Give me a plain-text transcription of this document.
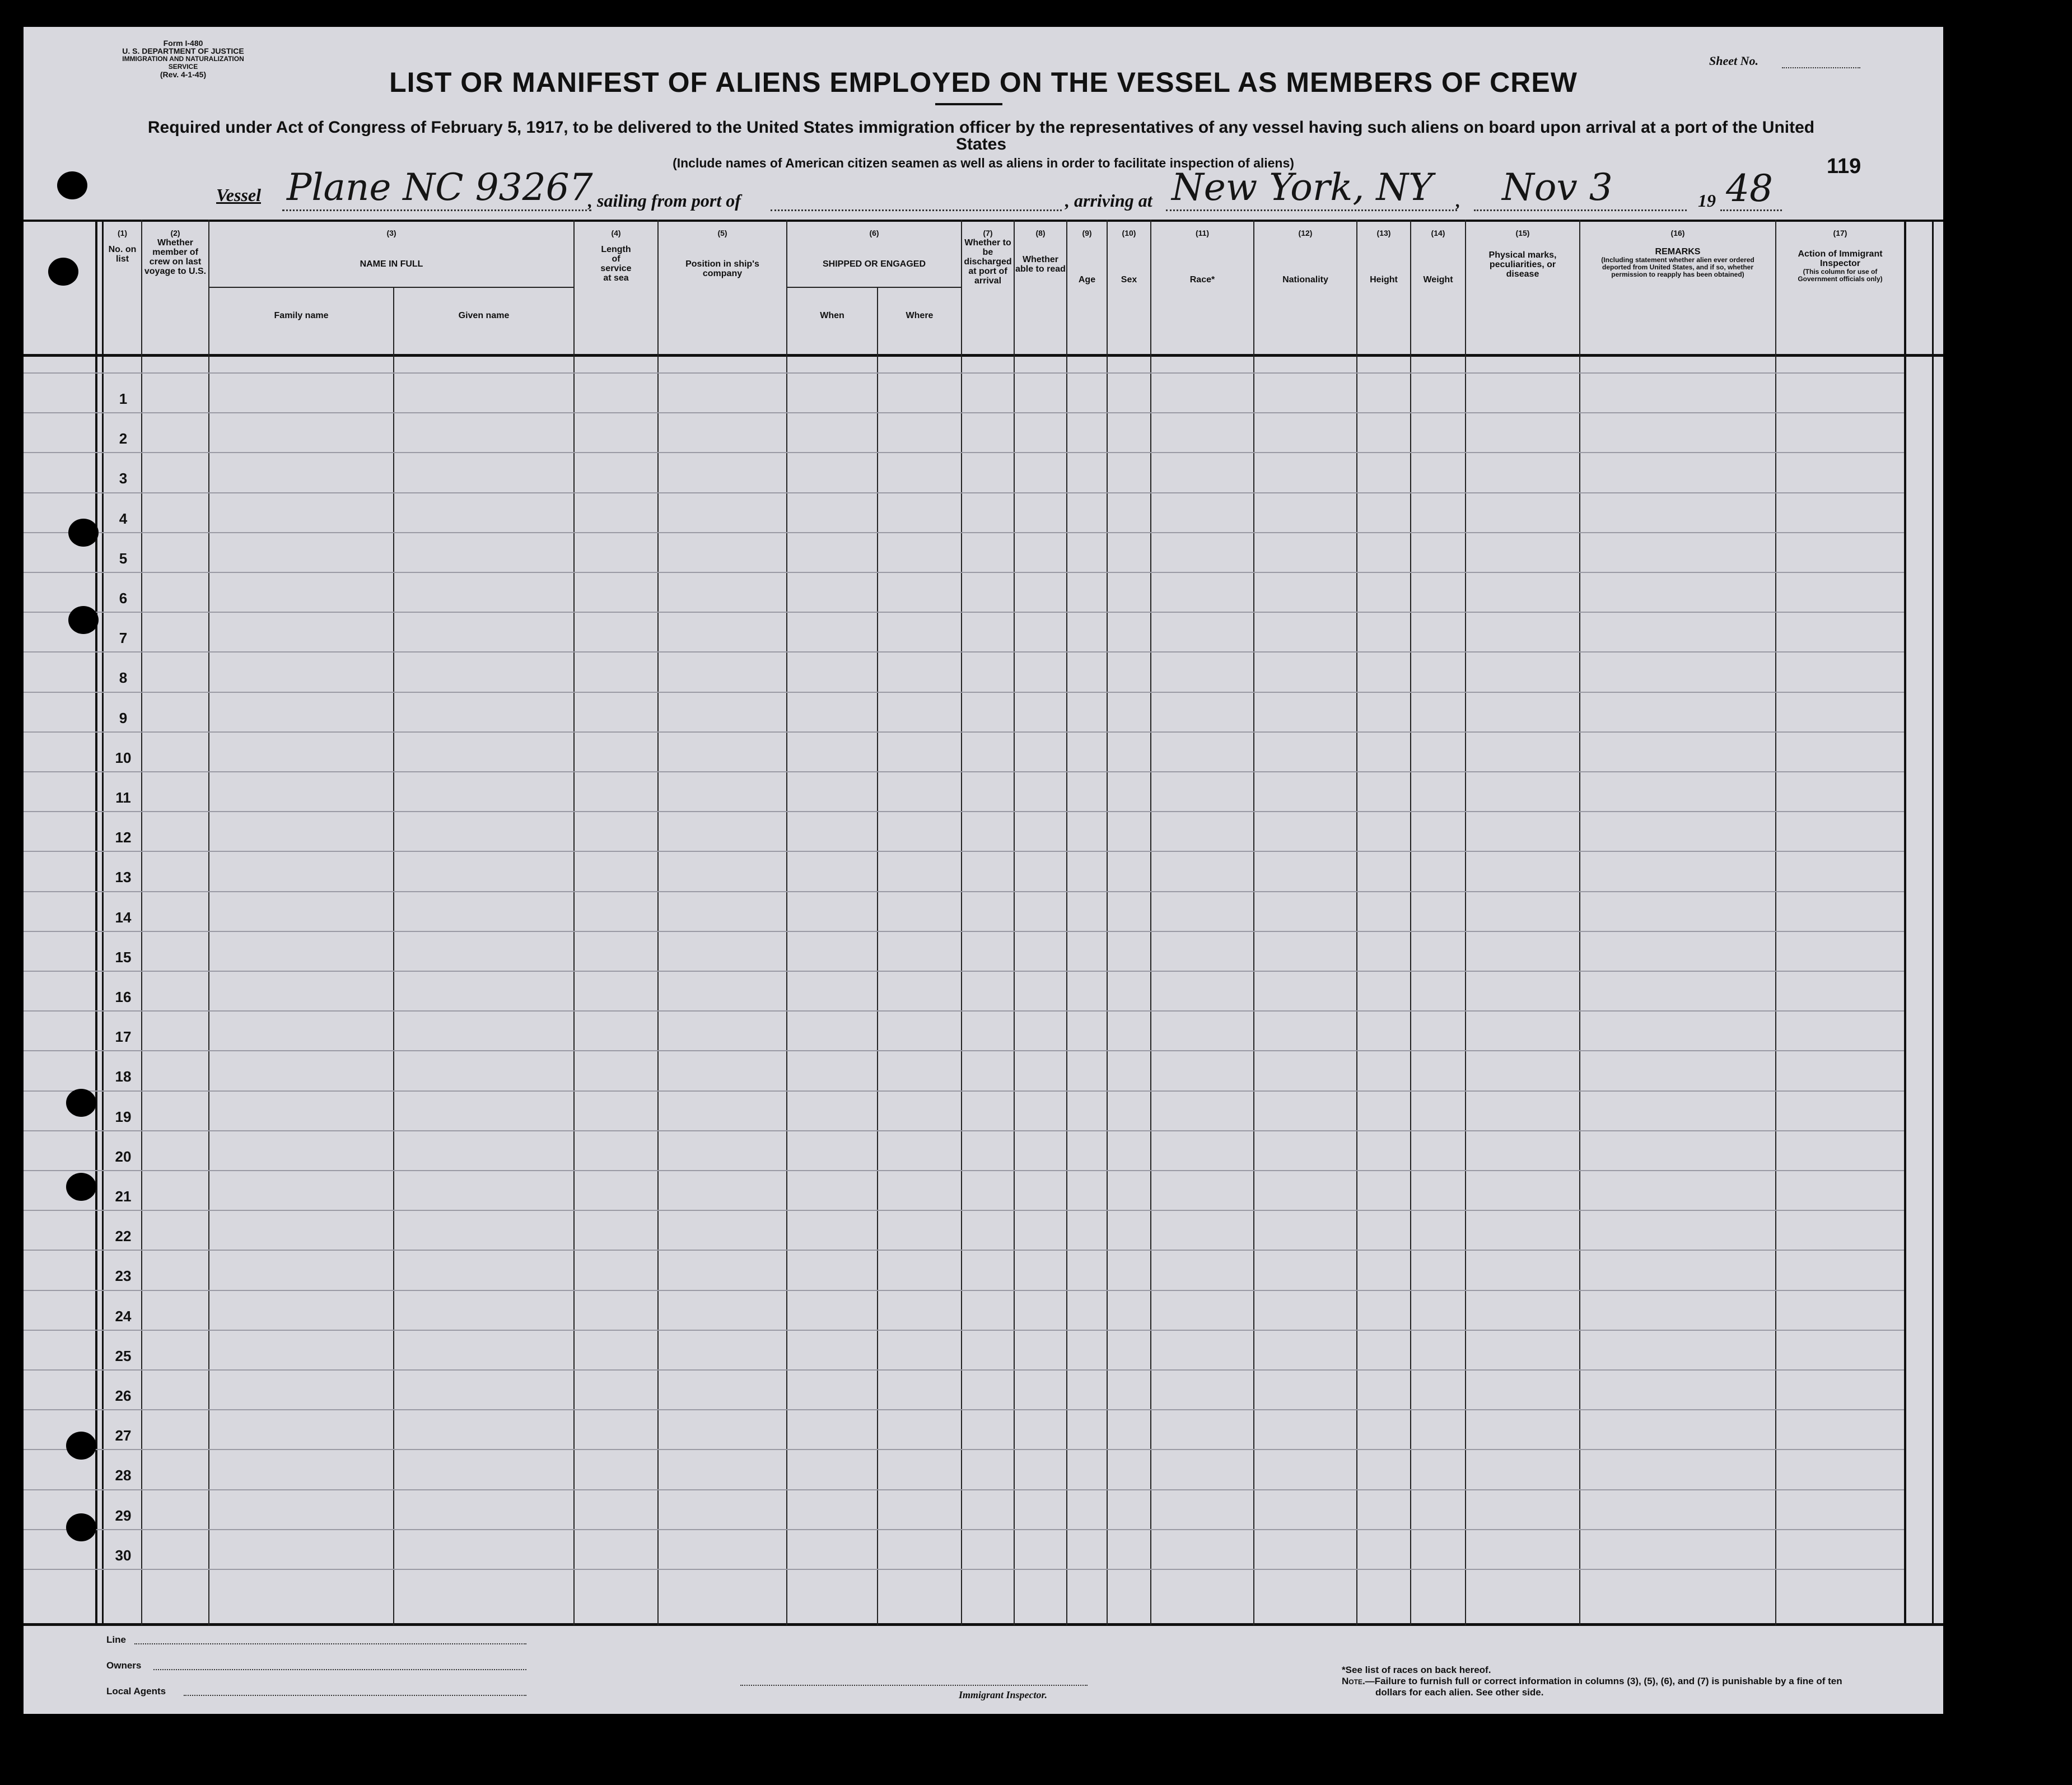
Form I-480
U. S. DEPARTMENT OF JUSTICE
IMMIGRATION AND NATURALIZATION SERVICE
(Rev. 4-1-45)	LIST OR MANIFEST OF ALIENS EMPLOYED ON THE VESSEL AS MEMBERS OF CREW
Sheet No.
Required under Act of Congress of February 5, 1917, to be delivered to the United States immigration officer by the representatives of any vessel having such aliens on board upon arrival at a port of the United States
(Include names of American citizen seamen as well as aliens in order to facilitate inspection of aliens)	119
Vessel Plane NC 93267
, sailing from port of	, arriving at New York, NY , Nov 3	19 48
(1)
No. on list
(2)
Whether member of crew on last voyage to U.S.
(3)
NAME IN FULL
Family name	Given name
(4)
Length of service at sea
(5)
Position in ship's company
(6)
SHIPPED OR ENGAGED
When	Where
(7)
Whether to be discharged at port of arrival
(8)
Whether able to read
(9)
Age
(10)
Sex
(11)
Race*
(12)
Nationality
(13)
Height
(14)
Weight
(15)
Physical marks, peculiarities, or disease
(16)
REMARKS
(Including statement whether alien ever ordered deported from United States, and if so, whether permission to reapply has been obtained)
(17)
Action of Immigrant Inspector
(This column for use of Government officials only)
1
2
3
4
5
6
7
8
9
10
11
12
13
14
15
16
17
18
19
20
21
22
23
24
25
26
27
28
29
30
Line
Owners
Local Agents	Immigrant Inspector.
*See list of races on back hereof.
Note.—Failure to furnish full or correct information in columns (3), (5), (6), and (7) is punishable by a fine of ten dollars for each alien. See other side.
